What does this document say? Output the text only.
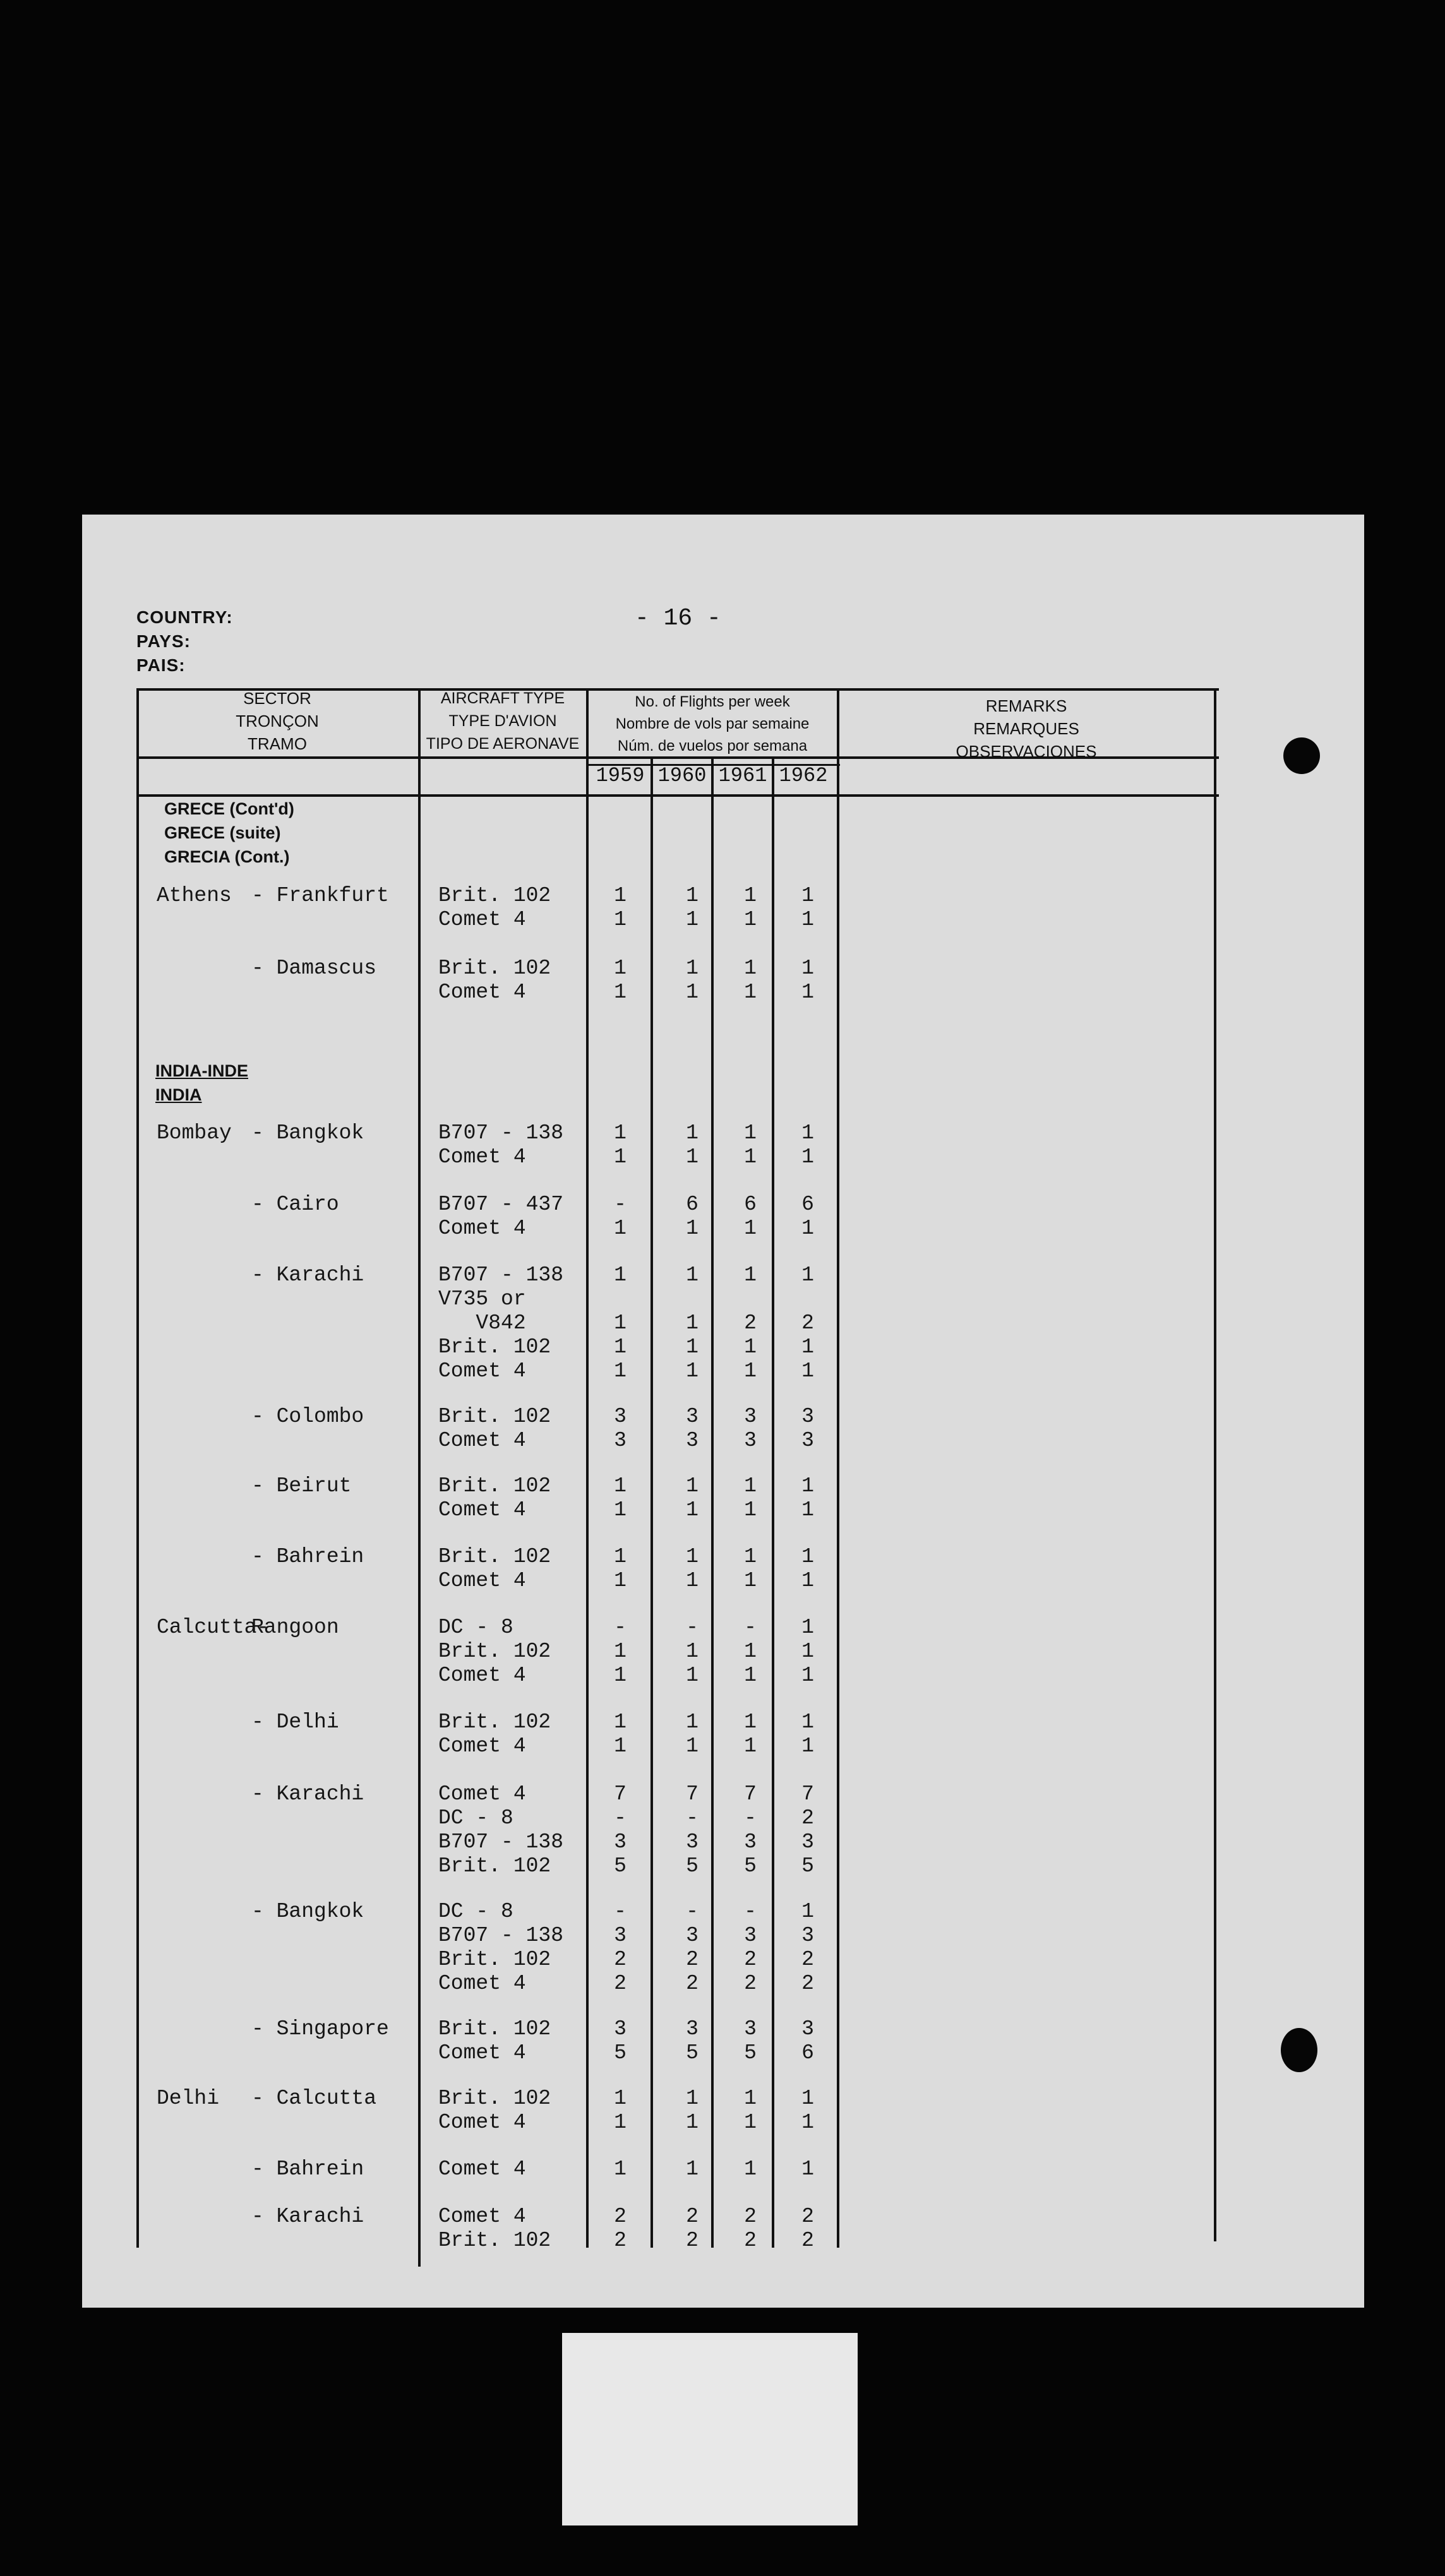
COUNTRY:
PAYS:
PAIS:
- 16 -
SECTOR
TRONÇON
TRAMO
AIRCRAFT TYPE
TYPE D'AVION
TIPO DE AERONAVE
No. of Flights per week
Nombre de vols par semaine
Núm. de vuelos por semana
REMARKS
REMARQUES
OBSERVACIONES
1959 1960 1961 1962
GRECE (Cont'd)
GRECE (suite)
GRECIA (Cont.)
INDIA-INDE
INDIA
Athens - Frankfurt Brit. 102	1	1	1	1
Comet 4	1	1	1	1
- Damascus	Brit. 102	1	1	1	1
Comet 4	1	1	1	1
Bombay - Bangkok	B707 - 138	1	1	1	1
Comet 4	1	1	1	1
- Cairo	B707 - 437	-	6	6	6
Comet 4	1	1	1	1
- Karachi	B707 - 138	1	1	1	1
V735 or
V842	1	1	2	2
Brit. 102	1	1	1	1
Comet 4	1	1	1	1
- Colombo	Brit. 102	3	3	3	3
Comet 4	3	3	3	3
- Beirut	Brit. 102	1	1	1	1
Comet 4	1	1	1	1
- Bahrein	Brit. 102	1	1	1	1
Comet 4	1	1	1	1
Calcutta-
Rangoon	DC - 8	-	-	-	1
Brit. 102	1	1	1	1
Comet 4	1	1	1	1
- Delhi	Brit. 102	1	1	1	1
Comet 4	1	1	1	1
- Karachi	Comet 4	7	7	7	7
DC - 8	-	-	-	2
B707 - 138	3	3	3	3
Brit. 102	5	5	5	5
- Bangkok	DC - 8	-	-	-	1
B707 - 138	3	3	3	3
Brit. 102	2	2	2	2
Comet 4	2	2	2	2
- Singapore Brit. 102	3	3	3	3
Comet 4	5	5	5	6
Delhi - Calcutta	Brit. 102	1	1	1	1
Comet 4	1	1	1	1
- Bahrein	Comet 4	1	1	1	1
- Karachi	Comet 4	2	2	2	2
Brit. 102	2	2	2	2
